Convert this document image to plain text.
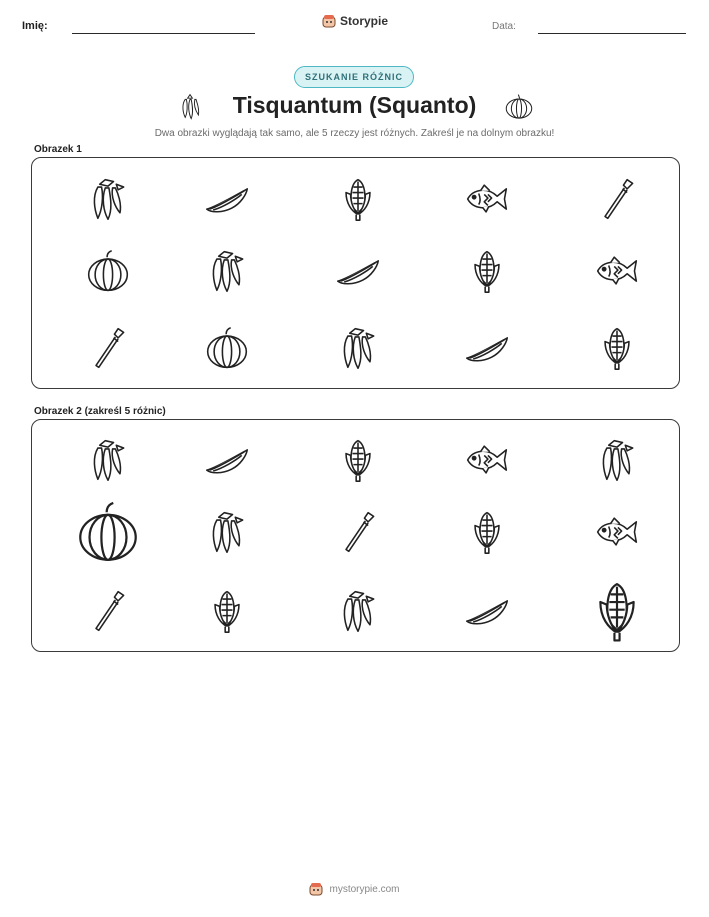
Imię:	Storypie	Data:
SZUKANIE RÓŻNIC
Tisquantum (Squanto)
Dwa obrazki wyglądają tak samo, ale 5 rzeczy jest różnych. Zakreśl je na dolnym obrazku!
Obrazek 1
Obrazek 2 (zakreśl 5 różnic)
mystorypie.com
